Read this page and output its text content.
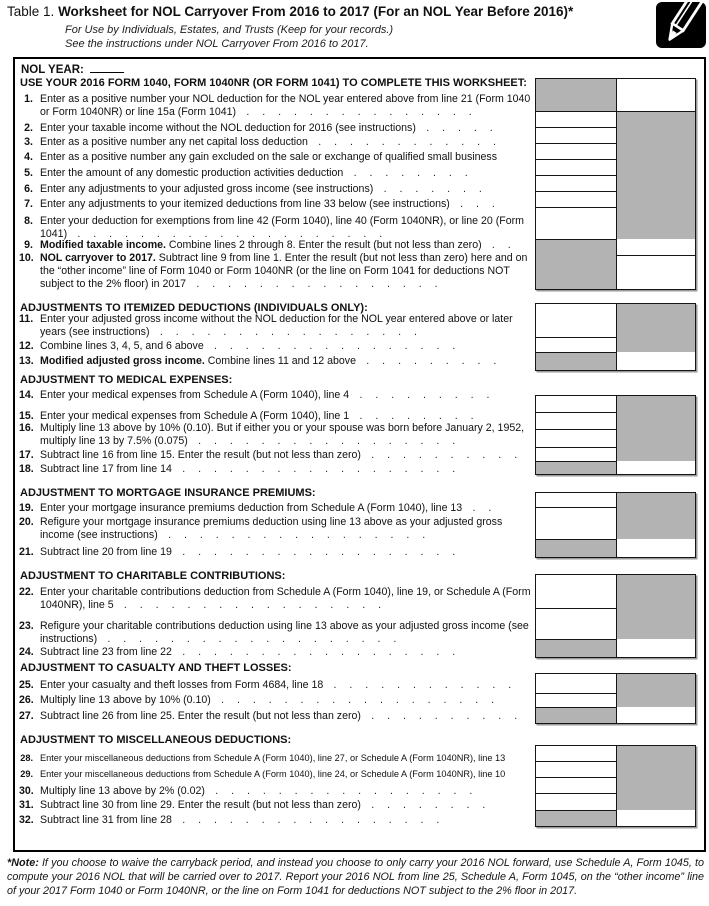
Table 1. Worksheet for NOL Carryover From 2016 to 2017 (For an NOL Year Before 2016)*
For Use by Individuals, Estates, and Trusts (Keep for your records.)
See the instructions under NOL Carryover From 2016 to 2017.
NOL YEAR:
USE YOUR 2016 FORM 1040, FORM 1040NR (OR FORM 1041) TO COMPLETE THIS WORKSHEET:
ADJUSTMENTS TO ITEMIZED DEDUCTIONS (INDIVIDUALS ONLY):
ADJUSTMENT TO MEDICAL EXPENSES:
ADJUSTMENT TO MORTGAGE INSURANCE PREMIUMS:
ADJUSTMENT TO CHARITABLE CONTRIBUTIONS:
ADJUSTMENT TO CASUALTY AND THEFT LOSSES:
ADJUSTMENT TO MISCELLANEOUS DEDUCTIONS:
*Note: If you choose to waive the carryback period, and instead you choose to only carry your 2016 NOL forward, use Schedule A, Form 1045, to compute your 2016 NOL that will be carried over to 2017. Report your 2016 NOL from line 25, Schedule A, Form 1045, on the “other income” line of your 2017 Form 1040 or Form 1040NR, or the line on Form 1041 for deductions NOT subject to the 2% floor in 2017.
1. Enter as a positive number your NOL deduction for the NOL year entered above from line 21 (Form 1040 or Form 1040NR) or line 15a (Form 1041) . . . . . . . . . . . . . . .
2. Enter your taxable income without the NOL deduction for 2016 (see instructions) . . . . .
3. Enter as a positive number any net capital loss deduction . . . . . . . . . . . .
4. Enter as a positive number any gain excluded on the sale or exchange of qualified small business
5. Enter the amount of any domestic production activities deduction . . . . . . . .
6. Enter any adjustments to your adjusted gross income (see instructions) . . . . . . .
7. Enter any adjustments to your itemized deductions from line 33 below (see instructions) . . .
8. Enter your deduction for exemptions from line 42 (Form 1040), line 40 (Form 1040NR), or line 20 (Form 1041) . . . . . . . . . . . . . . . . . . . .
9. Modified taxable income. Combine lines 2 through 8. Enter the result (but not less than zero) . .
10. NOL carryover to 2017. Subtract line 9 from line 1. Enter the result (but not less than zero) here and on the “other income” line of Form 1040 or Form 1040NR (or the line on Form 1041 for deductions NOT subject to the 2% floor) in 2017 . . . . . . . . . . . . . . . .
11. Enter your adjusted gross income without the NOL deduction for the NOL year entered above or later years (see instructions) . . . . . . . . . . . . . . . . .
12. Combine lines 3, 4, 5, and 6 above . . . . . . . . . . . . . . . .
13. Modified adjusted gross income. Combine lines 11 and 12 above . . . . . . . . .
14. Enter your medical expenses from Schedule A (Form 1040), line 4 . . . . . . . . .
15. Enter your medical expenses from Schedule A (Form 1040), line 1 . . . . . . . .
16. Multiply line 13 above by 10% (0.10). But if either you or your spouse was born before January 2, 1952, multiply line 13 by 7.5% (0.075) . . . . . . . . . . . . . . . . .
17. Subtract line 16 from line 15. Enter the result (but not less than zero) . . . . . . . . . .
18. Subtract line 17 from line 14 . . . . . . . . . . . . . . . . . .
19. Enter your mortgage insurance premiums deduction from Schedule A (Form 1040), line 13 . .
20. Refigure your mortgage insurance premiums deduction using line 13 above as your adjusted gross income (see instructions) . . . . . . . . . . . . . . . . .
21. Subtract line 20 from line 19 . . . . . . . . . . . . . . . . . .
22. Enter your charitable contributions deduction from Schedule A (Form 1040), line 19, or Schedule A (Form 1040NR), line 5 . . . . . . . . . . . . . . . . .
23. Refigure your charitable contributions deduction using line 13 above as your adjusted gross income (see instructions) . . . . . . . . . . . . . . . . . . .
24. Subtract line 23 from line 22 . . . . . . . . . . . . . . . . . .
25. Enter your casualty and theft losses from Form 4684, line 18 . . . . . . . . . . . .
26. Multiply line 13 above by 10% (0.10) . . . . . . . . . . . . . . . . . .
27. Subtract line 26 from line 25. Enter the result (but not less than zero) . . . . . . . . . .
28. Enter your miscellaneous deductions from Schedule A (Form 1040), line 27, or Schedule A (Form 1040NR), line 13
29. Enter your miscellaneous deductions from Schedule A (Form 1040), line 24, or Schedule A (Form 1040NR), line 10
30. Multiply line 13 above by 2% (0.02) . . . . . . . . . . . . . . . . .
31. Subtract line 30 from line 29. Enter the result (but not less than zero) . . . . . . . .
32. Subtract line 31 from line 28 . . . . . . . . . . . . . . . . .
